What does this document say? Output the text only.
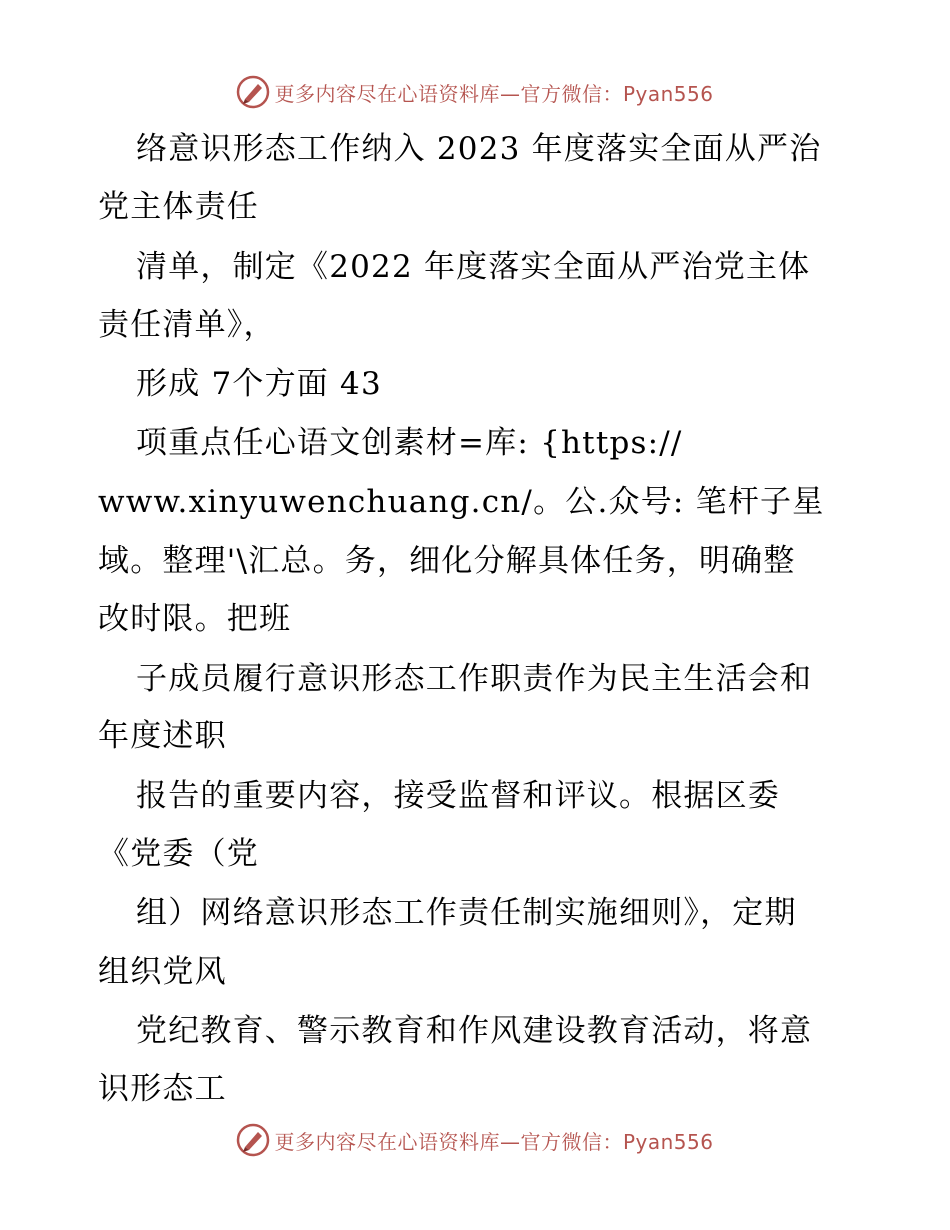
更多内容尽在心语资料库—官方微信：Pyan556
络意识形态工作纳入 2023 年度落实全面从严治
党主体责任
清单，制定《2022 年度落实全面从严治党主体
责任清单》，
形成 7个方面 43
项重点任心语文创素材=库: {https://
www.xinyuwenchuang.cn/。公.众号: 笔杆子星
域。整理'\汇总。务，细化分解具体任务，明确整
改时限。把班
子成员履行意识形态工作职责作为民主生活会和
年度述职
报告的重要内容，接受监督和评议。根据区委
《党委（党
组）网络意识形态工作责任制实施细则》，定期
组织党风
党纪教育、警示教育和作风建设教育活动，将意
识形态工
更多内容尽在心语资料库—官方微信：Pyan556
